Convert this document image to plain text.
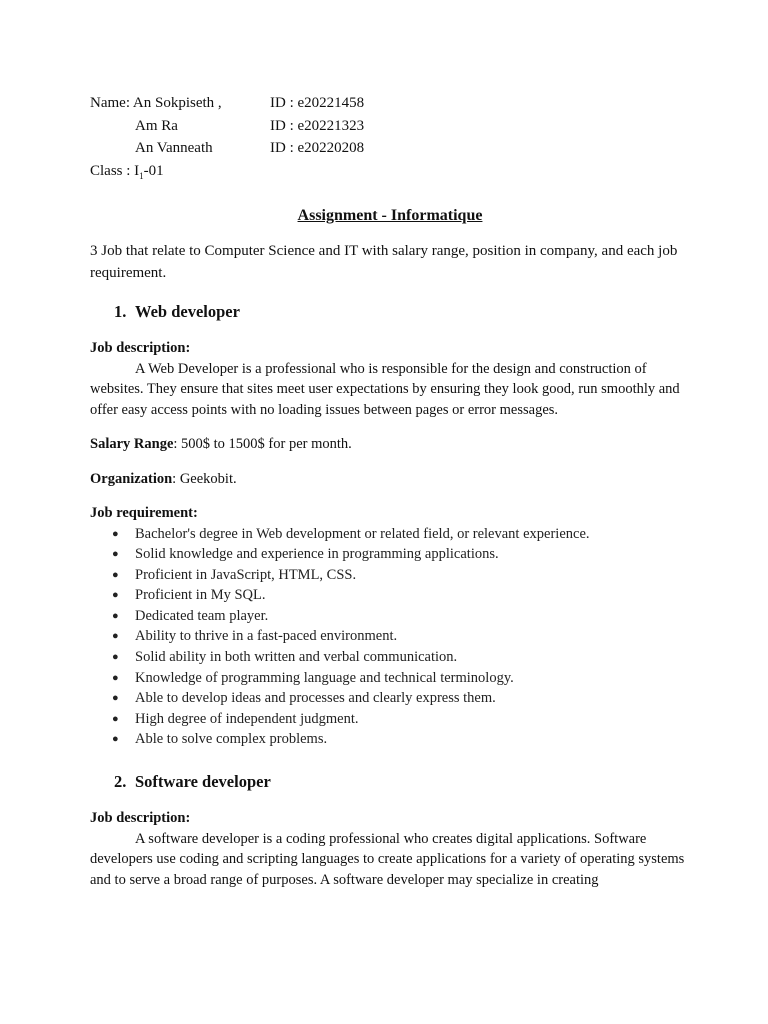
Name: An Sokpiseth ,	ID : e20221458
Am Ra	ID : e20221323
An Vanneath	ID : e20220208
Class : $I_1-01$
Assignment - Informatique
3 Job that relate to Computer Science and IT with salary range, position in company, and each job requirement.
1. Web developer
Job description:

A Web Developer is a professional who is responsible for the design and construction of websites. They ensure that sites meet user expectations by ensuring they look good, run smoothly and offer easy access points with no loading issues between pages or error messages.

Salary Range: 500$ to 1500$ for per month.
Organization: Geekobit.
Job requirement:
● Bachelor's degree in Web development or related field, or relevant experience.
● Solid knowledge and experience in programming applications.
● Proficient in JavaScript, HTML, CSS.
● Proficient in My SQL.
● Dedicated team player.
● Ability to thrive in a fast-paced environment.
● Solid ability in both written and verbal communication.
● Knowledge of programming language and technical terminology.
● Able to develop ideas and processes and clearly express them.
● High degree of independent judgment.
● Able to solve complex problems.
2. Software developer
Job description:

A software developer is a coding professional who creates digital applications. Software developers use coding and scripting languages to create applications for a variety of operating systems and to serve a broad range of purposes. A software developer may specialize in creating
